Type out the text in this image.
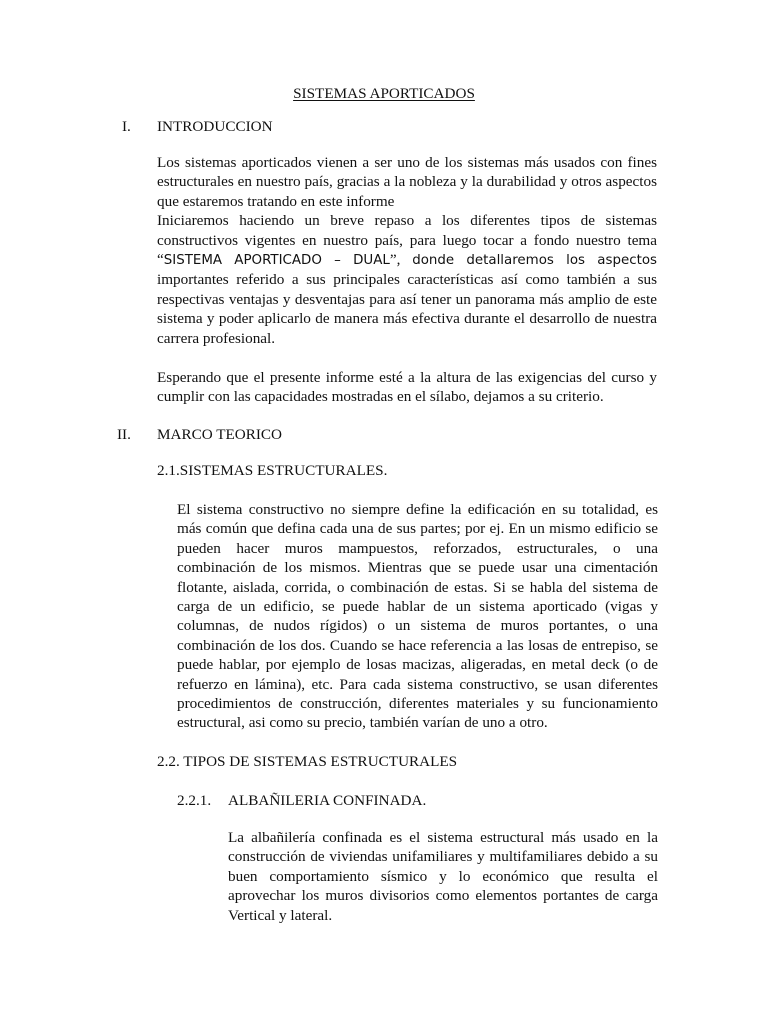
SISTEMAS APORTICADOS
I. INTRODUCCION
Los sistemas aporticados vienen a ser uno de los sistemas más usados con fines
estructurales en nuestro país, gracias a la nobleza y la durabilidad y otros aspectos
que estaremos tratando en este informe
Iniciaremos haciendo un breve repaso a los diferentes tipos de sistemas
constructivos vigentes en nuestro país, para luego tocar a fondo nuestro tema
“SISTEMA APORTICADO – DUAL”, donde detallaremos los aspectos
importantes referido a sus principales características así como también a sus
respectivas ventajas y desventajas para así tener un panorama más amplio de este
sistema y poder aplicarlo de manera más efectiva durante el desarrollo de nuestra
carrera profesional.
Esperando que el presente informe esté a la altura de las exigencias del curso y
cumplir con las capacidades mostradas en el sílabo, dejamos a su criterio.
II. MARCO TEORICO
2.1.SISTEMAS ESTRUCTURALES.
El sistema constructivo no siempre define la edificación en su totalidad, es
más común que defina cada una de sus partes; por ej. En un mismo edificio se
pueden hacer muros mampuestos, reforzados, estructurales, o una
combinación de los mismos. Mientras que se puede usar una cimentación
flotante, aislada, corrida, o combinación de estas. Si se habla del sistema de
carga de un edificio, se puede hablar de un sistema aporticado (vigas y
columnas, de nudos rígidos) o un sistema de muros portantes, o una
combinación de los dos. Cuando se hace referencia a las losas de entrepiso, se
puede hablar, por ejemplo de losas macizas, aligeradas, en metal deck (o de
refuerzo en lámina), etc. Para cada sistema constructivo, se usan diferentes
procedimientos de construcción, diferentes materiales y su funcionamiento
estructural, asi como su precio, también varían de uno a otro.
2.2. TIPOS DE SISTEMAS ESTRUCTURALES
2.2.1. ALBAÑILERIA CONFINADA.
La albañilería confinada es el sistema estructural más usado en la
construcción de viviendas unifamiliares y multifamiliares debido a su
buen comportamiento sísmico y lo económico que resulta el
aprovechar los muros divisorios como elementos portantes de carga
Vertical y lateral.
